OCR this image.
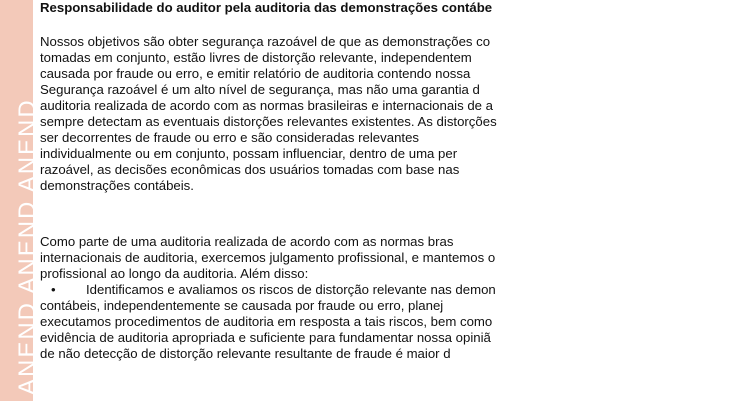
ANEND ANEND ANEND
Responsabilidade do auditor pela auditoria das demonstrações contábe
Nossos objetivos são obter segurança razoável de que as demonstrações co
tomadas em conjunto, estão livres de distorção relevante, independentem
causada por fraude ou erro, e emitir relatório de auditoria contendo nossa
Segurança razoável é um alto nível de segurança, mas não uma garantia d
auditoria realizada de acordo com as normas brasileiras e internacionais de a
sempre detectam as eventuais distorções relevantes existentes. As distorções
ser decorrentes de fraude ou erro e são consideradas relevantes
individualmente ou em conjunto, possam influenciar, dentro de uma per
razoável, as decisões econômicas dos usuários tomadas com base nas
demonstrações contábeis.
Como parte de uma auditoria realizada de acordo com as normas bras
internacionais de auditoria, exercemos julgamento profissional, e mantemos o
profissional ao longo da auditoria. Além disso:
• Identificamos e avaliamos os riscos de distorção relevante nas demon
contábeis, independentemente se causada por fraude ou erro, planej
executamos procedimentos de auditoria em resposta a tais riscos, bem como
evidência de auditoria apropriada e suficiente para fundamentar nossa opiniã
de não detecção de distorção relevante resultante de fraude é maior d
